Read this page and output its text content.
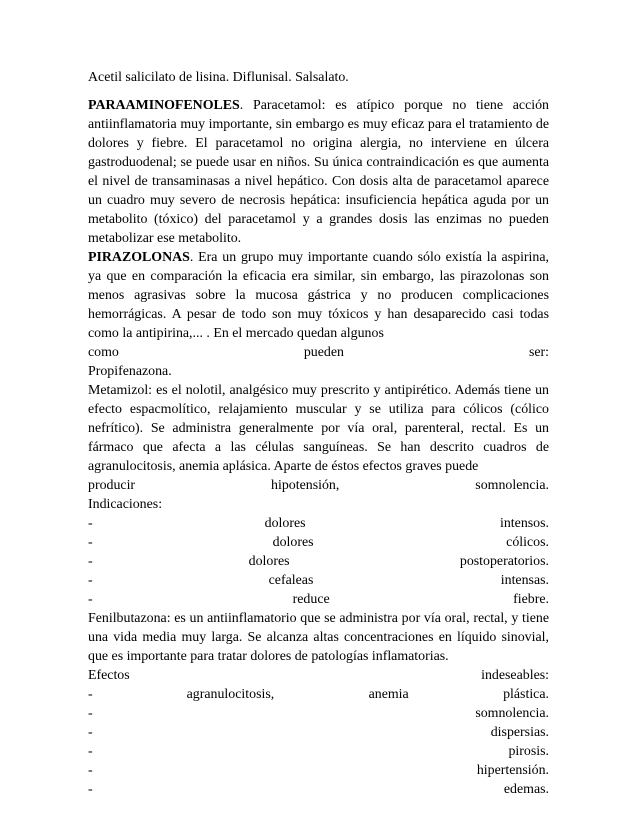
Acetil salicilato de lisina. Diflunisal. Salsalato.

PARAAMINOFENOLES. Paracetamol: es atípico porque no tiene acción antiinflamatoria muy importante, sin embargo es muy eficaz para el tratamiento de dolores y fiebre. El paracetamol no origina alergia, no interviene en úlcera gastroduodenal; se puede usar en niños. Su única contraindicación es que aumenta el nivel de transaminasas a nivel hepático. Con dosis alta de paracetamol aparece un cuadro muy severo de necrosis hepática: insuficiencia hepática aguda por un metabolito (tóxico) del paracetamol y a grandes dosis las enzimas no pueden metabolizar ese metabolito.

PIRAZOLONAS. Era un grupo muy importante cuando sólo existía la aspirina, ya que en comparación la eficacia era similar, sin embargo, las pirazolonas son menos agrasivas sobre la mucosa gástrica y no producen complicaciones hemorrágicas. A pesar de todo son muy tóxicos y han desaparecido casi todas como la antipirina,... . En el mercado quedan algunos

como	pueden	ser:

Propifenazona.

Metamizol: es el nolotil, analgésico muy prescrito y antipirético. Además tiene un efecto espacmolítico, relajamiento muscular y se utiliza para cólicos (cólico nefrítico). Se administra generalmente por vía oral, parenteral, rectal. Es un fármaco que afecta a las células sanguíneas. Se han descrito cuadros de agranulocitosis, anemia aplásica. Aparte de éstos efectos graves puede

producir	hipotensión,	somnolencia.

Indicaciones:

-	dolores	intensos.
-	dolores	cólicos.
-	dolores	postoperatorios.
-	cefaleas	intensas.
-	reduce	fiebre.

Fenilbutazona: es un antiinflamatorio que se administra por vía oral, rectal, y tiene una vida media muy larga. Se alcanza altas concentraciones en líquido sinovial, que es importante para tratar dolores de patologías inflamatorias.

Efectos	indeseables:
-	agranulocitosis,	anemia	plástica.
-	somnolencia.
-	dispersias.
-	pirosis.
-	hipertensión.
-	edemas.
